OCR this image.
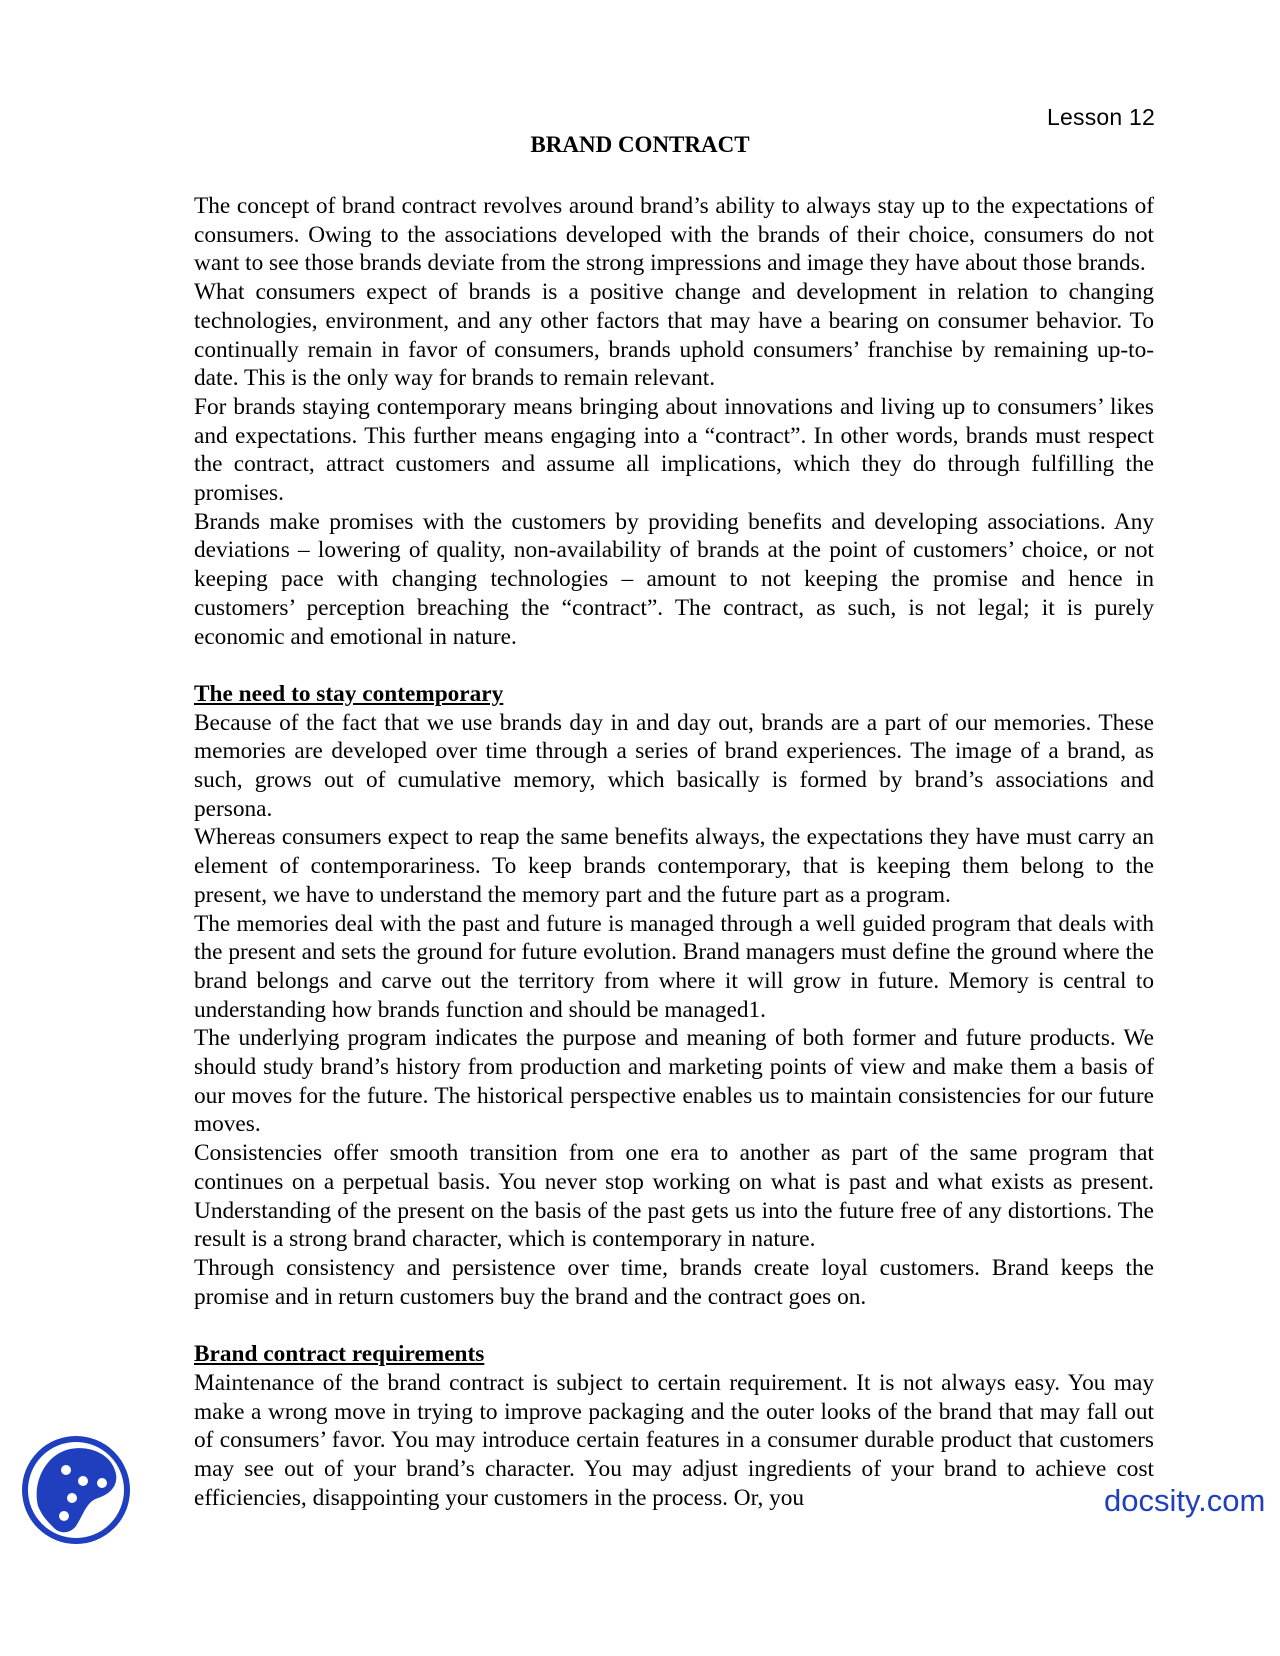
Lesson 12
BRAND CONTRACT

The concept of brand contract revolves around brand’s ability to always stay up to the expectations of consumers. Owing to the associations developed with the brands of their choice, consumers do not want to see those brands deviate from the strong impressions and image they have about those brands.

What consumers expect of brands is a positive change and development in relation to changing technologies, environment, and any other factors that may have a bearing on consumer behavior. To continually remain in favor of consumers, brands uphold consumers’ franchise by remaining up-to-date. This is the only way for brands to remain relevant.

For brands staying contemporary means bringing about innovations and living up to consumers’ likes and expectations. This further means engaging into a “contract”. In other words, brands must respect the contract, attract customers and assume all implications, which they do through fulfilling the promises.

Brands make promises with the customers by providing benefits and developing associations. Any deviations – lowering of quality, non-availability of brands at the point of customers’ choice, or not keeping pace with changing technologies – amount to not keeping the promise and hence in customers’ perception breaching the “contract”. The contract, as such, is not legal; it is purely economic and emotional in nature.

The need to stay contemporary

Because of the fact that we use brands day in and day out, brands are a part of our memories. These memories are developed over time through a series of brand experiences. The image of a brand, as such, grows out of cumulative memory, which basically is formed by brand’s associations and persona.

Whereas consumers expect to reap the same benefits always, the expectations they have must carry an element of contemporariness. To keep brands contemporary, that is keeping them belong to the present, we have to understand the memory part and the future part as a program.

The memories deal with the past and future is managed through a well guided program that deals with the present and sets the ground for future evolution. Brand managers must define the ground where the brand belongs and carve out the territory from where it will grow in future. Memory is central to understanding how brands function and should be managed1.

The underlying program indicates the purpose and meaning of both former and future products. We should study brand’s history from production and marketing points of view and make them a basis of our moves for the future. The historical perspective enables us to maintain consistencies for our future moves.

Consistencies offer smooth transition from one era to another as part of the same program that continues on a perpetual basis. You never stop working on what is past and what exists as present. Understanding of the present on the basis of the past gets us into the future free of any distortions. The result is a strong brand character, which is contemporary in nature.

Through consistency and persistence over time, brands create loyal customers. Brand keeps the promise and in return customers buy the brand and the contract goes on.

Brand contract requirements

Maintenance of the brand contract is subject to certain requirement. It is not always easy. You may make a wrong move in trying to improve packaging and the outer looks of the brand that may fall out of consumers’ favor. You may introduce certain features in a consumer durable product that customers may see out of your brand’s character. You may adjust ingredients of your brand to achieve cost efficiencies, disappointing your customers in the process. Or, you	docsity.com
